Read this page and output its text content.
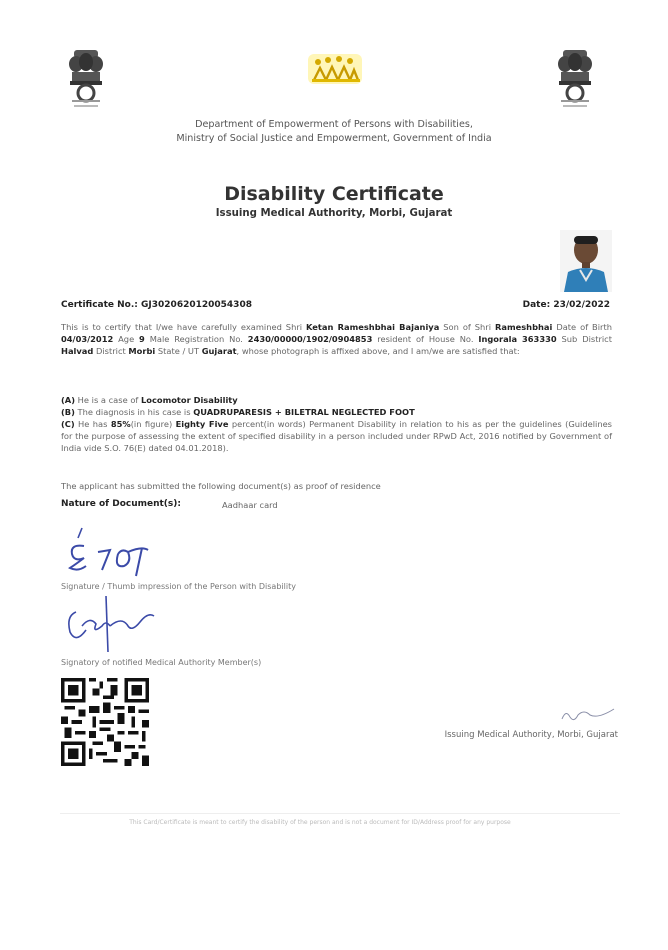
Department of Empowerment of Persons with Disabilities,
Ministry of Social Justice and Empowerment, Government of India
Disability Certificate
Issuing Medical Authority, Morbi, Gujarat
Certificate No.: GJ3020620120054308	Date: 23/02/2022
This is to certify that I/we have carefully examined Shri Ketan Rameshbhai Bajaniya Son of Shri Rameshbhai Date of Birth 04/03/2012 Age 9 Male Registration No. 2430/00000/1902/0904853 resident of House No. Ingorala 363330 Sub District Halvad District Morbi State / UT Gujarat, whose photograph is affixed above, and I am/we are satisfied that:
(A) He is a case of Locomotor Disability
(B) The diagnosis in his case is QUADRUPARESIS + BILETRAL NEGLECTED FOOT
(C) He has 85%(in figure) Eighty Five percent(in words) Permanent Disability in relation to his as per the guidelines (Guidelines for the purpose of assessing the extent of specified disability in a person included under RPwD Act, 2016 notified by Government of India vide S.O. 76(E) dated 04.01.2018).
The applicant has submitted the following document(s) as proof of residence
Nature of Document(s):	Aadhaar card
Signature / Thumb impression of the Person with Disability
Signatory of notified Medical Authority Member(s)
Issuing Medical Authority, Morbi, Gujarat
This Card/Certificate is meant to certify the disability of the person and is not a document for ID/Address proof for any purpose
